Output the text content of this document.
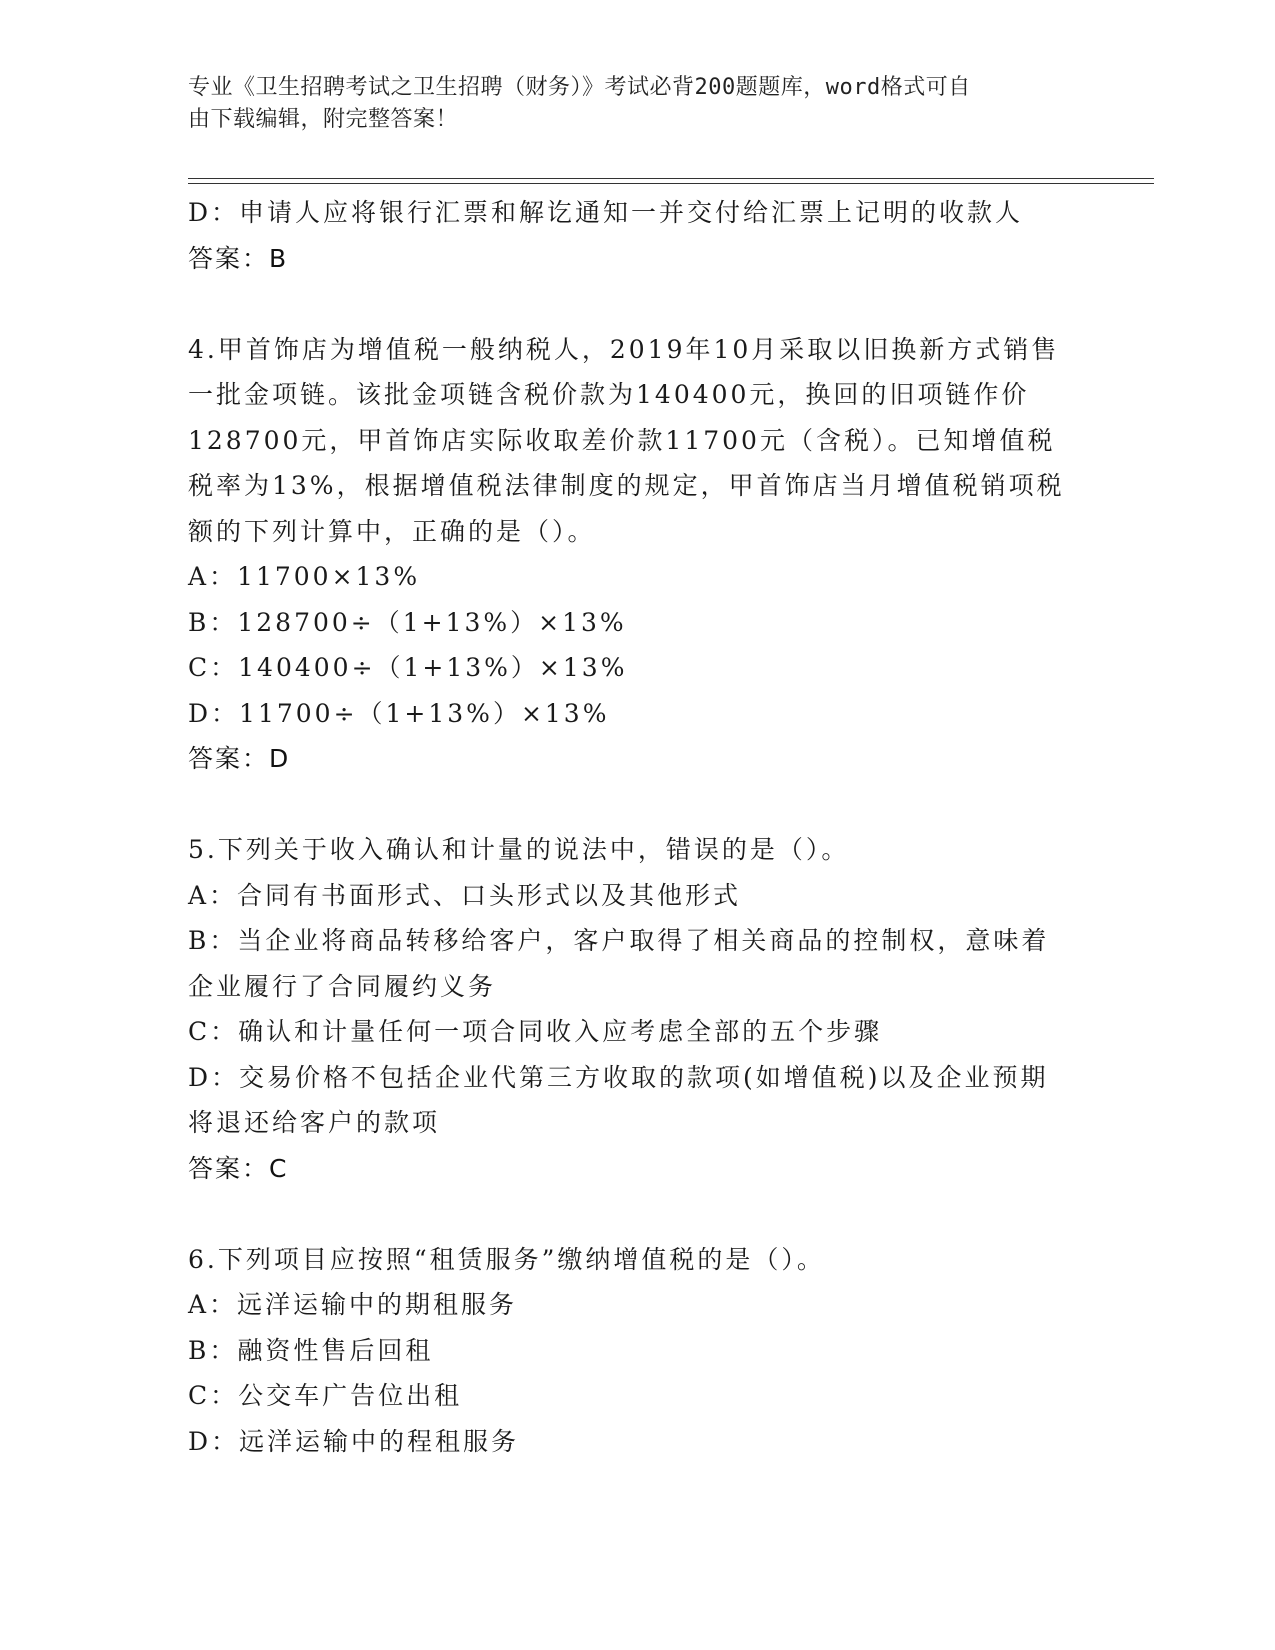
专业《卫生招聘考试之卫生招聘（财务）》考试必背200题题库，word格式可自
由下载编辑，附完整答案！
D：申请人应将银行汇票和解讫通知一并交付给汇票上记明的收款人
答案：B
4.甲首饰店为增值税一般纳税人，2019年10月采取以旧换新方式销售
一批金项链。该批金项链含税价款为140400元，换回的旧项链作价
128700元，甲首饰店实际收取差价款11700元（含税）。已知增值税
税率为13%，根据增值税法律制度的规定，甲首饰店当月增值税销项税
额的下列计算中，正确的是（）。
A：11700×13%
B：128700÷（1+13%）×13%
C：140400÷（1+13%）×13%
D：11700÷（1+13%）×13%
答案：D
5.下列关于收入确认和计量的说法中，错误的是（）。
A：合同有书面形式、口头形式以及其他形式
B：当企业将商品转移给客户，客户取得了相关商品的控制权，意味着
企业履行了合同履约义务
C：确认和计量任何一项合同收入应考虑全部的五个步骤
D：交易价格不包括企业代第三方收取的款项(如增值税)以及企业预期
将退还给客户的款项
答案：C
6.下列项目应按照“租赁服务”缴纳增值税的是（）。
A：远洋运输中的期租服务
B：融资性售后回租
C：公交车广告位出租
D：远洋运输中的程租服务
